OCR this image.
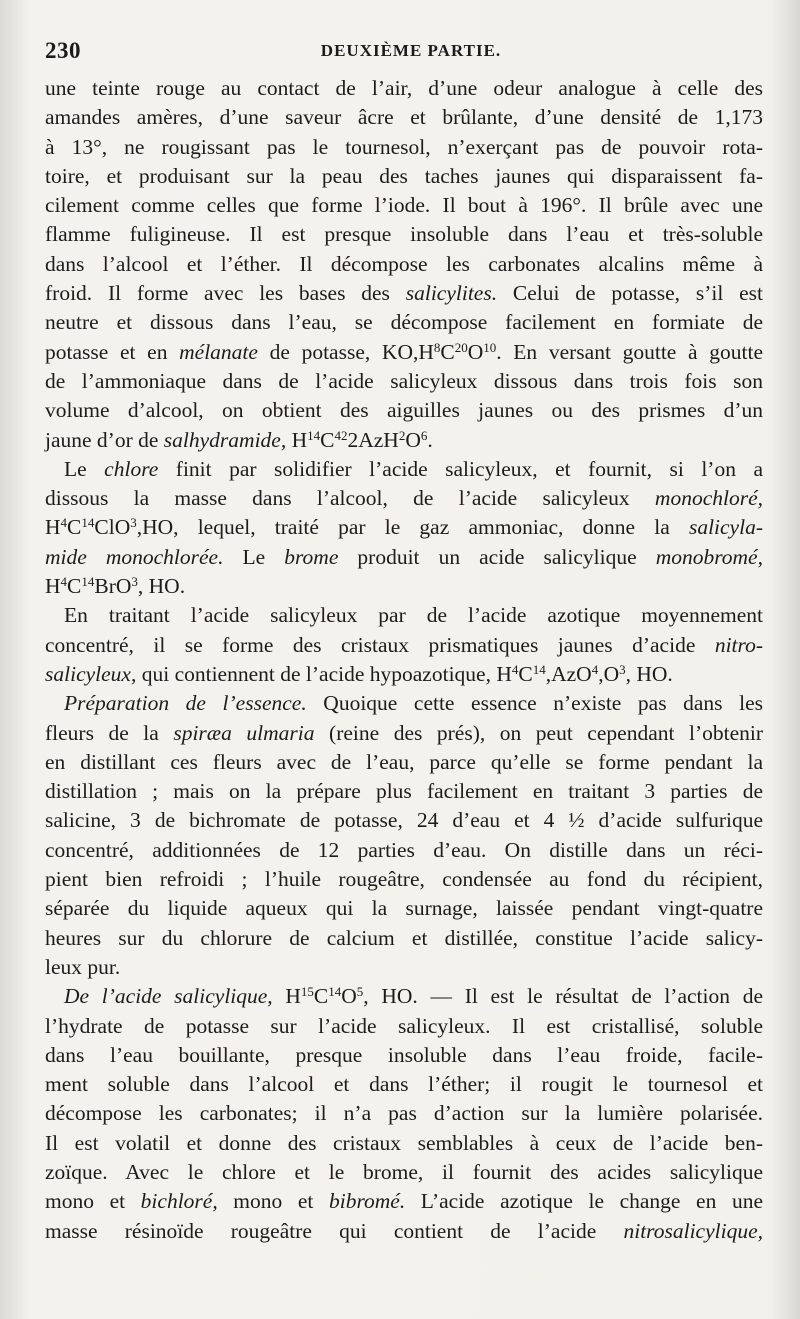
230	DEUXIÈME PARTIE.
une teinte rouge au contact de l’air, d’une odeur analogue à celle des
amandes amères, d’une saveur âcre et brûlante, d’une densité de 1,173
à 13°, ne rougissant pas le tournesol, n’exerçant pas de pouvoir rota-
toire, et produisant sur la peau des taches jaunes qui disparaissent fa-
cilement comme celles que forme l’iode. Il bout à 196°. Il brûle avec une
flamme fuligineuse. Il est presque insoluble dans l’eau et très-soluble
dans l’alcool et l’éther. Il décompose les carbonates alcalins même à
froid. Il forme avec les bases des salicylites. Celui de potasse, s’il est
neutre et dissous dans l’eau, se décompose facilement en formiate de
potasse et en mélanate de potasse, $KO,H^8C^{20}O^{10}$. En versant goutte à goutte
de l’ammoniaque dans de l’acide salicyleux dissous dans trois fois son
volume d’alcool, on obtient des aiguilles jaunes ou des prismes d’un
jaune d’or de salhydramide, $H^{14}C^{42}2AzH^2O^6$.
Le chlore finit par solidifier l’acide salicyleux, et fournit, si l’on a
dissous la masse dans l’alcool, de l’acide salicyleux monochloré,
$H^4C^{14}ClO^3,HO$, lequel, traité par le gaz ammoniac, donne la salicyla-
mide monochlorée. Le brome produit un acide salicylique monobromé,
$H^4C^{14}BrO^3$, HO.
En traitant l’acide salicyleux par de l’acide azotique moyennement
concentré, il se forme des cristaux prismatiques jaunes d’acide nitro-
salicyleux, qui contiennent de l’acide hypoazotique, $H^4C^{14},AzO^4,O^3$, HO.
Préparation de l’essence. Quoique cette essence n’existe pas dans les
fleurs de la spiræa ulmaria (reine des prés), on peut cependant l’obtenir
en distillant ces fleurs avec de l’eau, parce qu’elle se forme pendant la
distillation ; mais on la prépare plus facilement en traitant 3 parties de
salicine, 3 de bichromate de potasse, 24 d’eau et 4 ½ d’acide sulfurique
concentré, additionnées de 12 parties d’eau. On distille dans un réci-
pient bien refroidi ; l’huile rougeâtre, condensée au fond du récipient,
séparée du liquide aqueux qui la surnage, laissée pendant vingt-quatre
heures sur du chlorure de calcium et distillée, constitue l’acide salicy-
leux pur.
De l’acide salicylique, $H^{15}C^{14}O^5$, HO. — Il est le résultat de l’action de
l’hydrate de potasse sur l’acide salicyleux. Il est cristallisé, soluble
dans l’eau bouillante, presque insoluble dans l’eau froide, facile-
ment soluble dans l’alcool et dans l’éther; il rougit le tournesol et
décompose les carbonates; il n’a pas d’action sur la lumière polarisée.
Il est volatil et donne des cristaux semblables à ceux de l’acide ben-
zoïque. Avec le chlore et le brome, il fournit des acides salicylique
mono et bichloré, mono et bibromé. L’acide azotique le change en une
masse résinoïde rougeâtre qui contient de l’acide nitrosalicylique,
